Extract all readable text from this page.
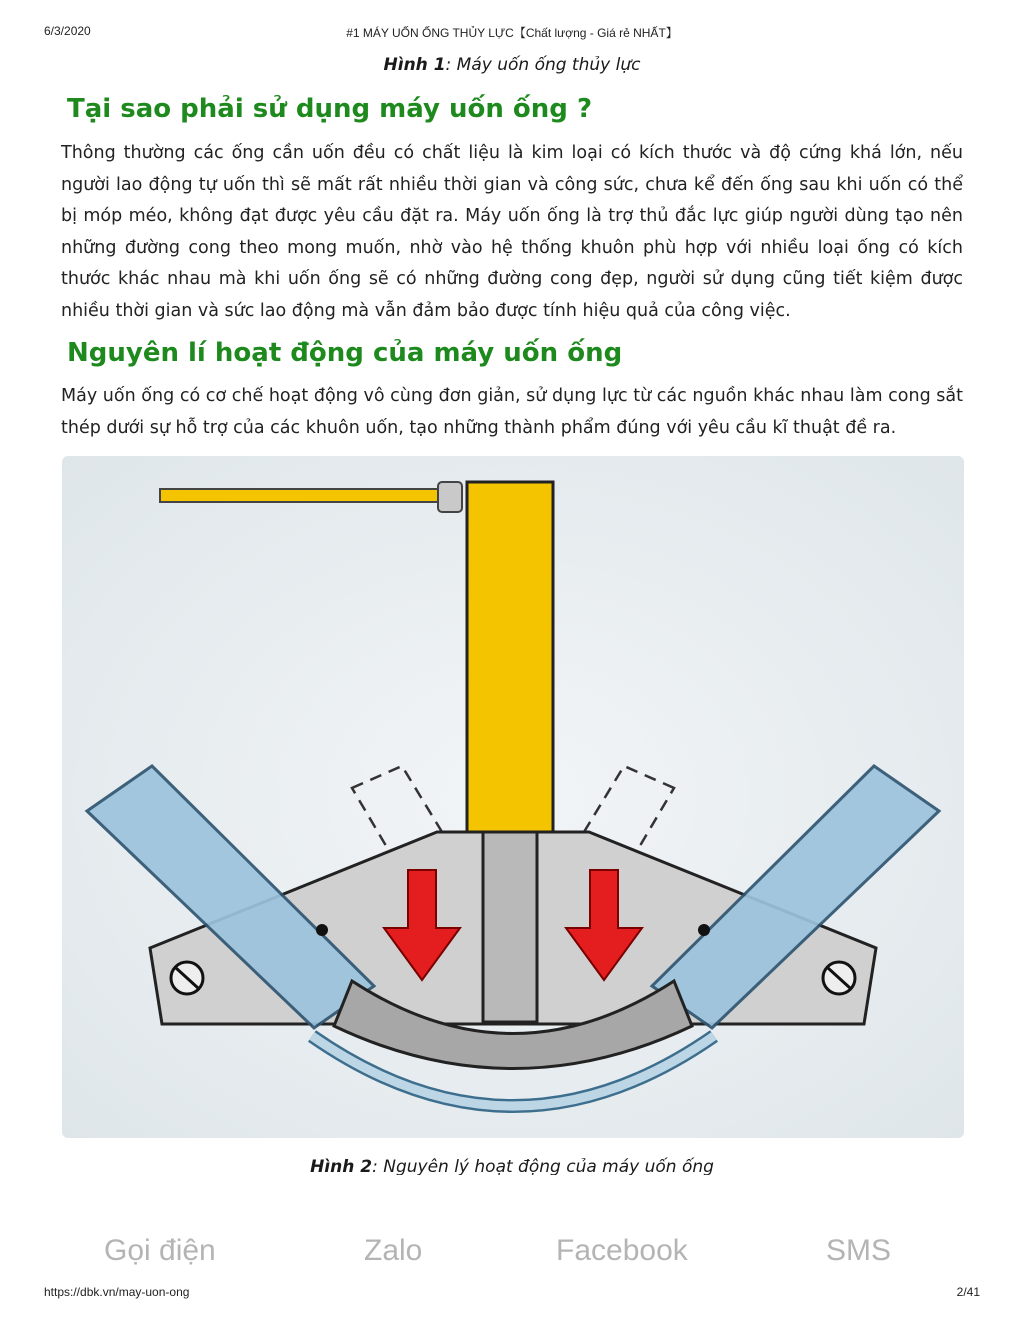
6/3/2020	#1 MÁY UỐN ỐNG THỦY LỰC【Chất lượng - Giá rẻ NHẤT】
Hình 1: Máy uốn ống thủy lực
Tại sao phải sử dụng máy uốn ống ?
Thông thường các ống cần uốn đều có chất liệu là kim loại có kích thước và độ cứng khá lớn, nếu người lao động tự uốn thì sẽ mất rất nhiều thời gian và công sức, chưa kể đến ống sau khi uốn có thể bị móp méo, không đạt được yêu cầu đặt ra. Máy uốn ống là trợ thủ đắc lực giúp người dùng tạo nên những đường cong theo mong muốn, nhờ vào hệ thống khuôn phù hợp với nhiều loại ống có kích thước khác nhau mà khi uốn ống sẽ có những đường cong đẹp, người sử dụng cũng tiết kiệm được nhiều thời gian và sức lao động mà vẫn đảm bảo được tính hiệu quả của công việc.
Nguyên lí hoạt động của máy uốn ống
Máy uốn ống có cơ chế hoạt động vô cùng đơn giản, sử dụng lực từ các nguồn khác nhau làm cong sắt thép dưới sự hỗ trợ của các khuôn uốn, tạo những thành phẩm đúng với yêu cầu kĩ thuật đề ra.
Hình 2: Nguyên lý hoạt động của máy uốn ống
Gọi điện	Zalo	Facebook	SMS
https://dbk.vn/may-uon-ong	2/41
